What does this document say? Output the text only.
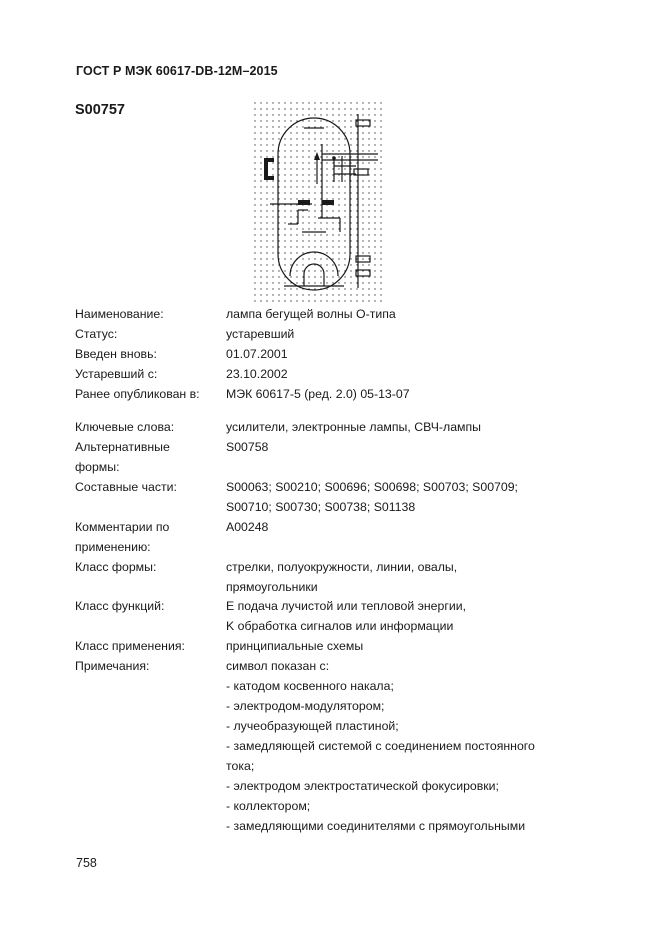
ГОСТ Р МЭК 60617-DB-12M–2015
S00757
Наименование:	лампа бегущей волны О-типа
Статус:	устаревший
Введен вновь:	01.07.2001
Устаревший с:	23.10.2002
Ранее опубликован в:	МЭК 60617-5 (ред. 2.0) 05-13-07
Ключевые слова:	усилители, электронные лампы, СВЧ-лампы
Альтернативные формы:
S00758
Составные части:	S00063; S00210; S00696; S00698; S00703; S00709;
S00710; S00730; S00738; S01138
Комментарии по применению:
A00248
Класс формы:	стрелки, полуокружности, линии, овалы,
прямоугольники
Класс функций:	E подача лучистой или тепловой энергии,
K обработка сигналов или информации
Класс применения:	принципиальные схемы
Примечания:	символ показан с:
- катодом косвенного накала;
- электродом-модулятором;
- лучеобразующей пластиной;
- замедляющей системой с соединением постоянного
тока;
- электродом электростатической фокусировки;
- коллектором;
- замедляющими соединителями с прямоугольными
758
